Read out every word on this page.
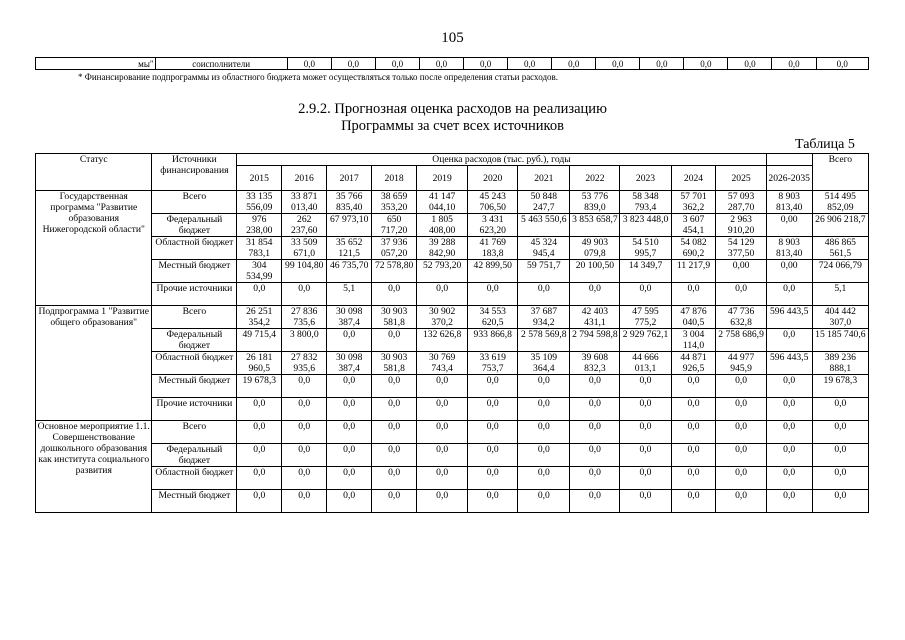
105
мы"	соисполнители	0,0	0,0	0,0	0,0	0,0	0,0	0,0	0,0	0,0	0,0	0,0	0,0	0,0
* Финансирование подпрограммы из областного бюджета может осуществляться только после определения статьи расходов.
2.9.2. Прогнозная оценка расходов на реализацию
Программы за счет всех источников
Таблица 5
Статус	Источники финансирования	Оценка расходов (тыс. руб.), годы												Всего
		2015	2016	2017	2018	2019	2020	2021	2022	2023	2024	2025	2026-2035	
Государственная программа "Развитие образования Нижегородской области"	Всего	33 135 556,09	33 871 013,40	35 766 835,40	38 659 353,20	41 147 044,10	45 243 706,50	50 848 247,7	53 776 839,0	58 348 793,4	57 701 362,2	57 093 287,70	8 903 813,40	514 495 852,09
	Федеральный бюджет	976 238,00	262 237,60	67 973,10	650 717,20	1 805 408,00	3 431 623,20	5 463 550,6	3 853 658,7	3 823 448,0	3 607 454,1	2 963 910,20	0,00	26 906 218,7
	Областной бюджет	31 854 783,1	33 509 671,0	35 652 121,5	37 936 057,20	39 288 842,90	41 769 183,8	45 324 945,4	49 903 079,8	54 510 995,7	54 082 690,2	54 129 377,50	8 903 813,40	486 865 561,5
	Местный бюджет	304 534,99	99 104,80	46 735,70	72 578,80	52 793,20	42 899,50	59 751,7	20 100,50	14 349,7	11 217,9	0,00	0,00	724 066,79
	Прочие источники	0,0	0,0	5,1	0,0	0,0	0,0	0,0	0,0	0,0	0,0	0,0	0,0	5,1
Подпрограмма 1 "Развитие общего образования"	Всего	26 251 354,2	27 836 735,6	30 098 387,4	30 903 581,8	30 902 370,2	34 553 620,5	37 687 934,2	42 403 431,1	47 595 775,2	47 876 040,5	47 736 632,8	596 443,5	404 442 307,0
	Федеральный бюджет	49 715,4	3 800,0	0,0	0,0	132 626,8	933 866,8	2 578 569,8	2 794 598,8	2 929 762,1	3 004 114,0	2 758 686,9	0,0	15 185 740,6
	Областной бюджет	26 181 960,5	27 832 935,6	30 098 387,4	30 903 581,8	30 769 743,4	33 619 753,7	35 109 364,4	39 608 832,3	44 666 013,1	44 871 926,5	44 977 945,9	596 443,5	389 236 888,1
	Местный бюджет	19 678,3	0,0	0,0	0,0	0,0	0,0	0,0	0,0	0,0	0,0	0,0	0,0	19 678,3
	Прочие источники	0,0	0,0	0,0	0,0	0,0	0,0	0,0	0,0	0,0	0,0	0,0	0,0	0,0
Основное мероприятие 1.1. Совершенствование дошкольного образования как института социального развития	Всего	0,0	0,0	0,0	0,0	0,0	0,0	0,0	0,0	0,0	0,0	0,0	0,0	0,0
	Федеральный бюджет	0,0	0,0	0,0	0,0	0,0	0,0	0,0	0,0	0,0	0,0	0,0	0,0	0,0
	Областной бюджет	0,0	0,0	0,0	0,0	0,0	0,0	0,0	0,0	0,0	0,0	0,0	0,0	0,0
	Местный бюджет	0,0	0,0	0,0	0,0	0,0	0,0	0,0	0,0	0,0	0,0	0,0	0,0	0,0
